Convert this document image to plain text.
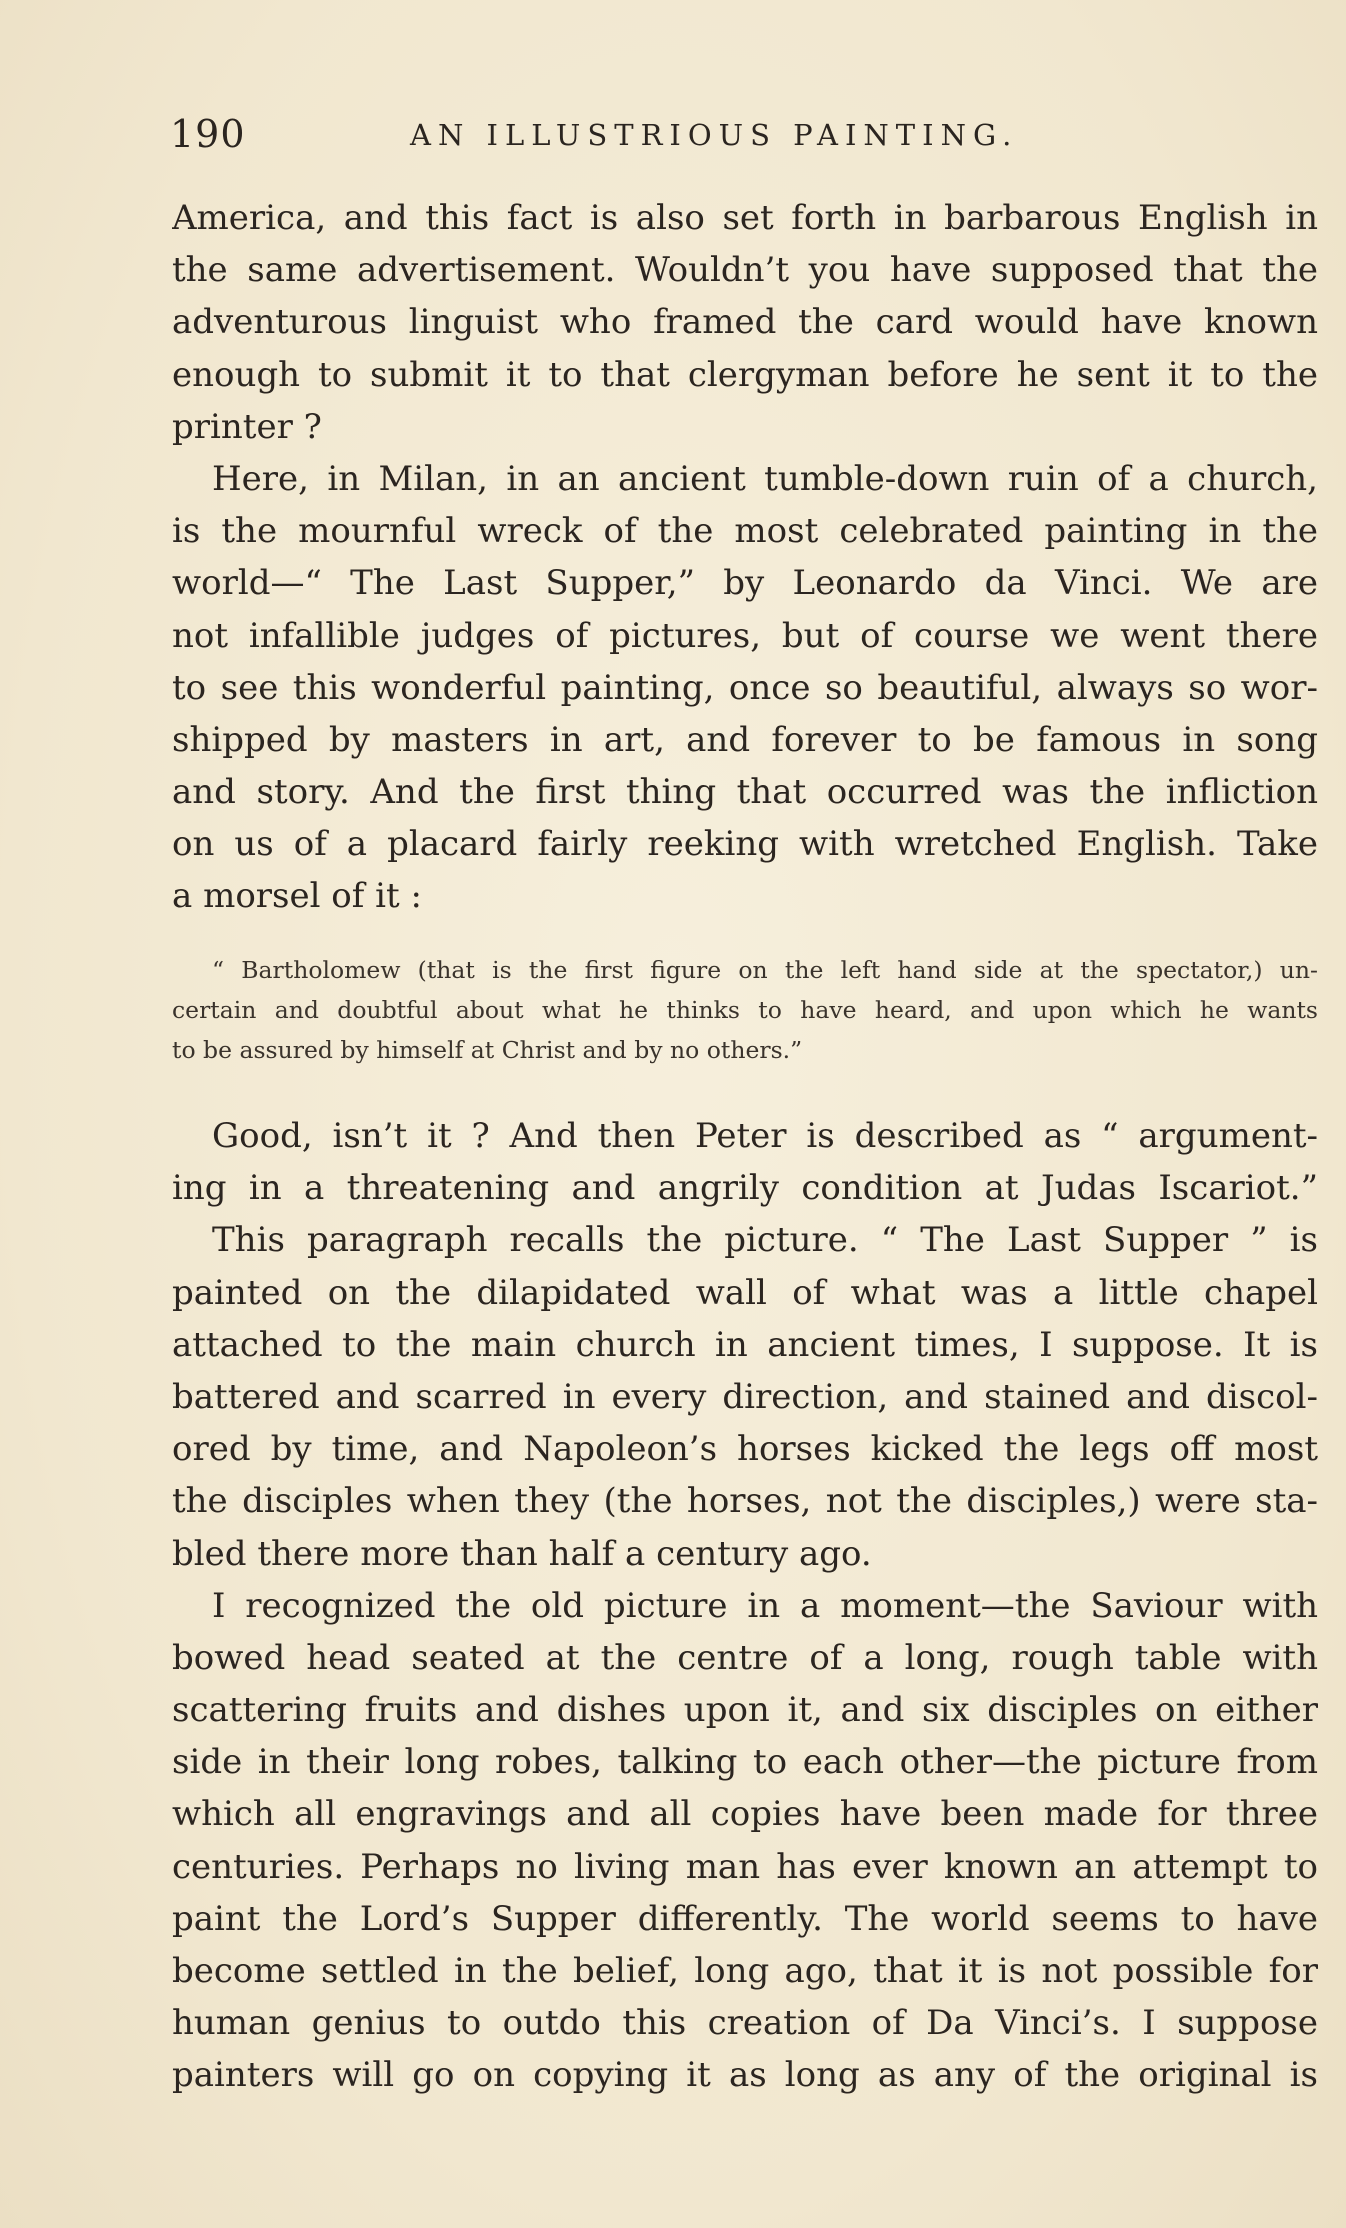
190	AN ILLUSTRIOUS PAINTING.
America, and this fact is also set forth in barbarous English in
the same advertisement. Wouldn’t you have supposed that the
adventurous linguist who framed the card would have known
enough to submit it to that clergyman before he sent it to the
printer ?
Here, in Milan, in an ancient tumble-down ruin of a church,
is the mournful wreck of the most celebrated painting in the
world—“ The Last Supper,” by Leonardo da Vinci. We are
not infallible judges of pictures, but of course we went there
to see this wonderful painting, once so beautiful, always so wor-
shipped by masters in art, and forever to be famous in song
and story. And the first thing that occurred was the infliction
on us of a placard fairly reeking with wretched English. Take
a morsel of it :
“ Bartholomew (that is the first figure on the left hand side at the spectator,) un-
certain and doubtful about what he thinks to have heard, and upon which he wants
to be assured by himself at Christ and by no others.”
Good, isn’t it ? And then Peter is described as “ argument-
ing in a threatening and angrily condition at Judas Iscariot.”
This paragraph recalls the picture. “ The Last Supper ” is
painted on the dilapidated wall of what was a little chapel
attached to the main church in ancient times, I suppose. It is
battered and scarred in every direction, and stained and discol-
ored by time, and Napoleon’s horses kicked the legs off most
the disciples when they (the horses, not the disciples,) were sta-
bled there more than half a century ago.
I recognized the old picture in a moment—the Saviour with
bowed head seated at the centre of a long, rough table with
scattering fruits and dishes upon it, and six disciples on either
side in their long robes, talking to each other—the picture from
which all engravings and all copies have been made for three
centuries. Perhaps no living man has ever known an attempt to
paint the Lord’s Supper differently. The world seems to have
become settled in the belief, long ago, that it is not possible for
human genius to outdo this creation of Da Vinci’s. I suppose
painters will go on copying it as long as any of the original is
